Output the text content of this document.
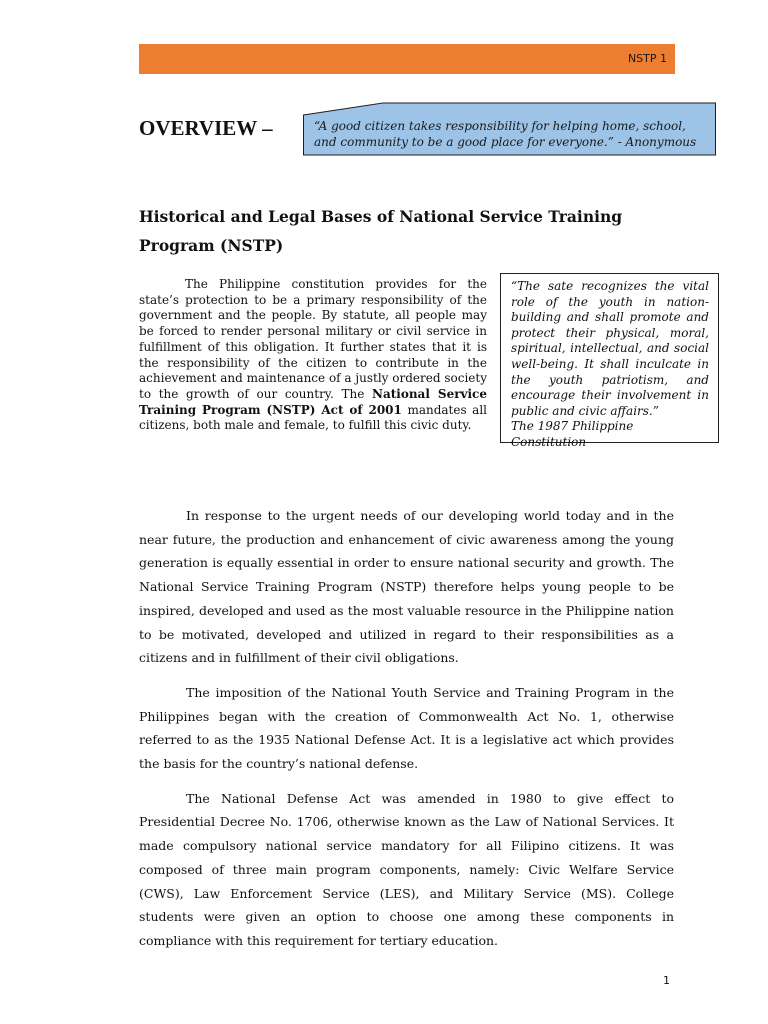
NSTP 1
OVERVIEW –	“A good citizen takes responsibility for helping home, school, and community to be a good place for everyone.” - Anonymous
Historical and Legal Bases of National Service Training Program (NSTP)

The Philippine constitution provides for the state’s protection to be a primary responsibility of the government and the people. By statute, all people may be forced to render personal military or civil service in fulfillment of this obligation. It further states that it is the responsibility of the citizen to contribute in the achievement and maintenance of a justly ordered society to the growth of our country. The National Service Training Program (NSTP) Act of 2001 mandates all citizens, both male and female, to fulfill this civic duty.

“The sate recognizes the vital role of the youth in nation-building and shall promote and protect their physical, moral, spiritual, intellectual, and social well-being. It shall inculcate in the youth patriotism, and encourage their involvement in public and civic affairs.”

The 1987 Philippine Constitution

In response to the urgent needs of our developing world today and in the near future, the production and enhancement of civic awareness among the young generation is equally essential in order to ensure national security and growth. The National Service Training Program (NSTP) therefore helps young people to be inspired, developed and used as the most valuable resource in the Philippine nation to be motivated, developed and utilized in regard to their responsibilities as a citizens and in fulfillment of their civil obligations.

The imposition of the National Youth Service and Training Program in the Philippines began with the creation of Commonwealth Act No. 1, otherwise referred to as the 1935 National Defense Act. It is a legislative act which provides the basis for the country’s national defense.

The National Defense Act was amended in 1980 to give effect to Presidential Decree No. 1706, otherwise known as the Law of National Services. It made compulsory national service mandatory for all Filipino citizens. It was composed of three main program components, namely: Civic Welfare Service (CWS), Law Enforcement Service (LES), and Military Service (MS). College students were given an option to choose one among these components in compliance with this requirement for tertiary education.

1
